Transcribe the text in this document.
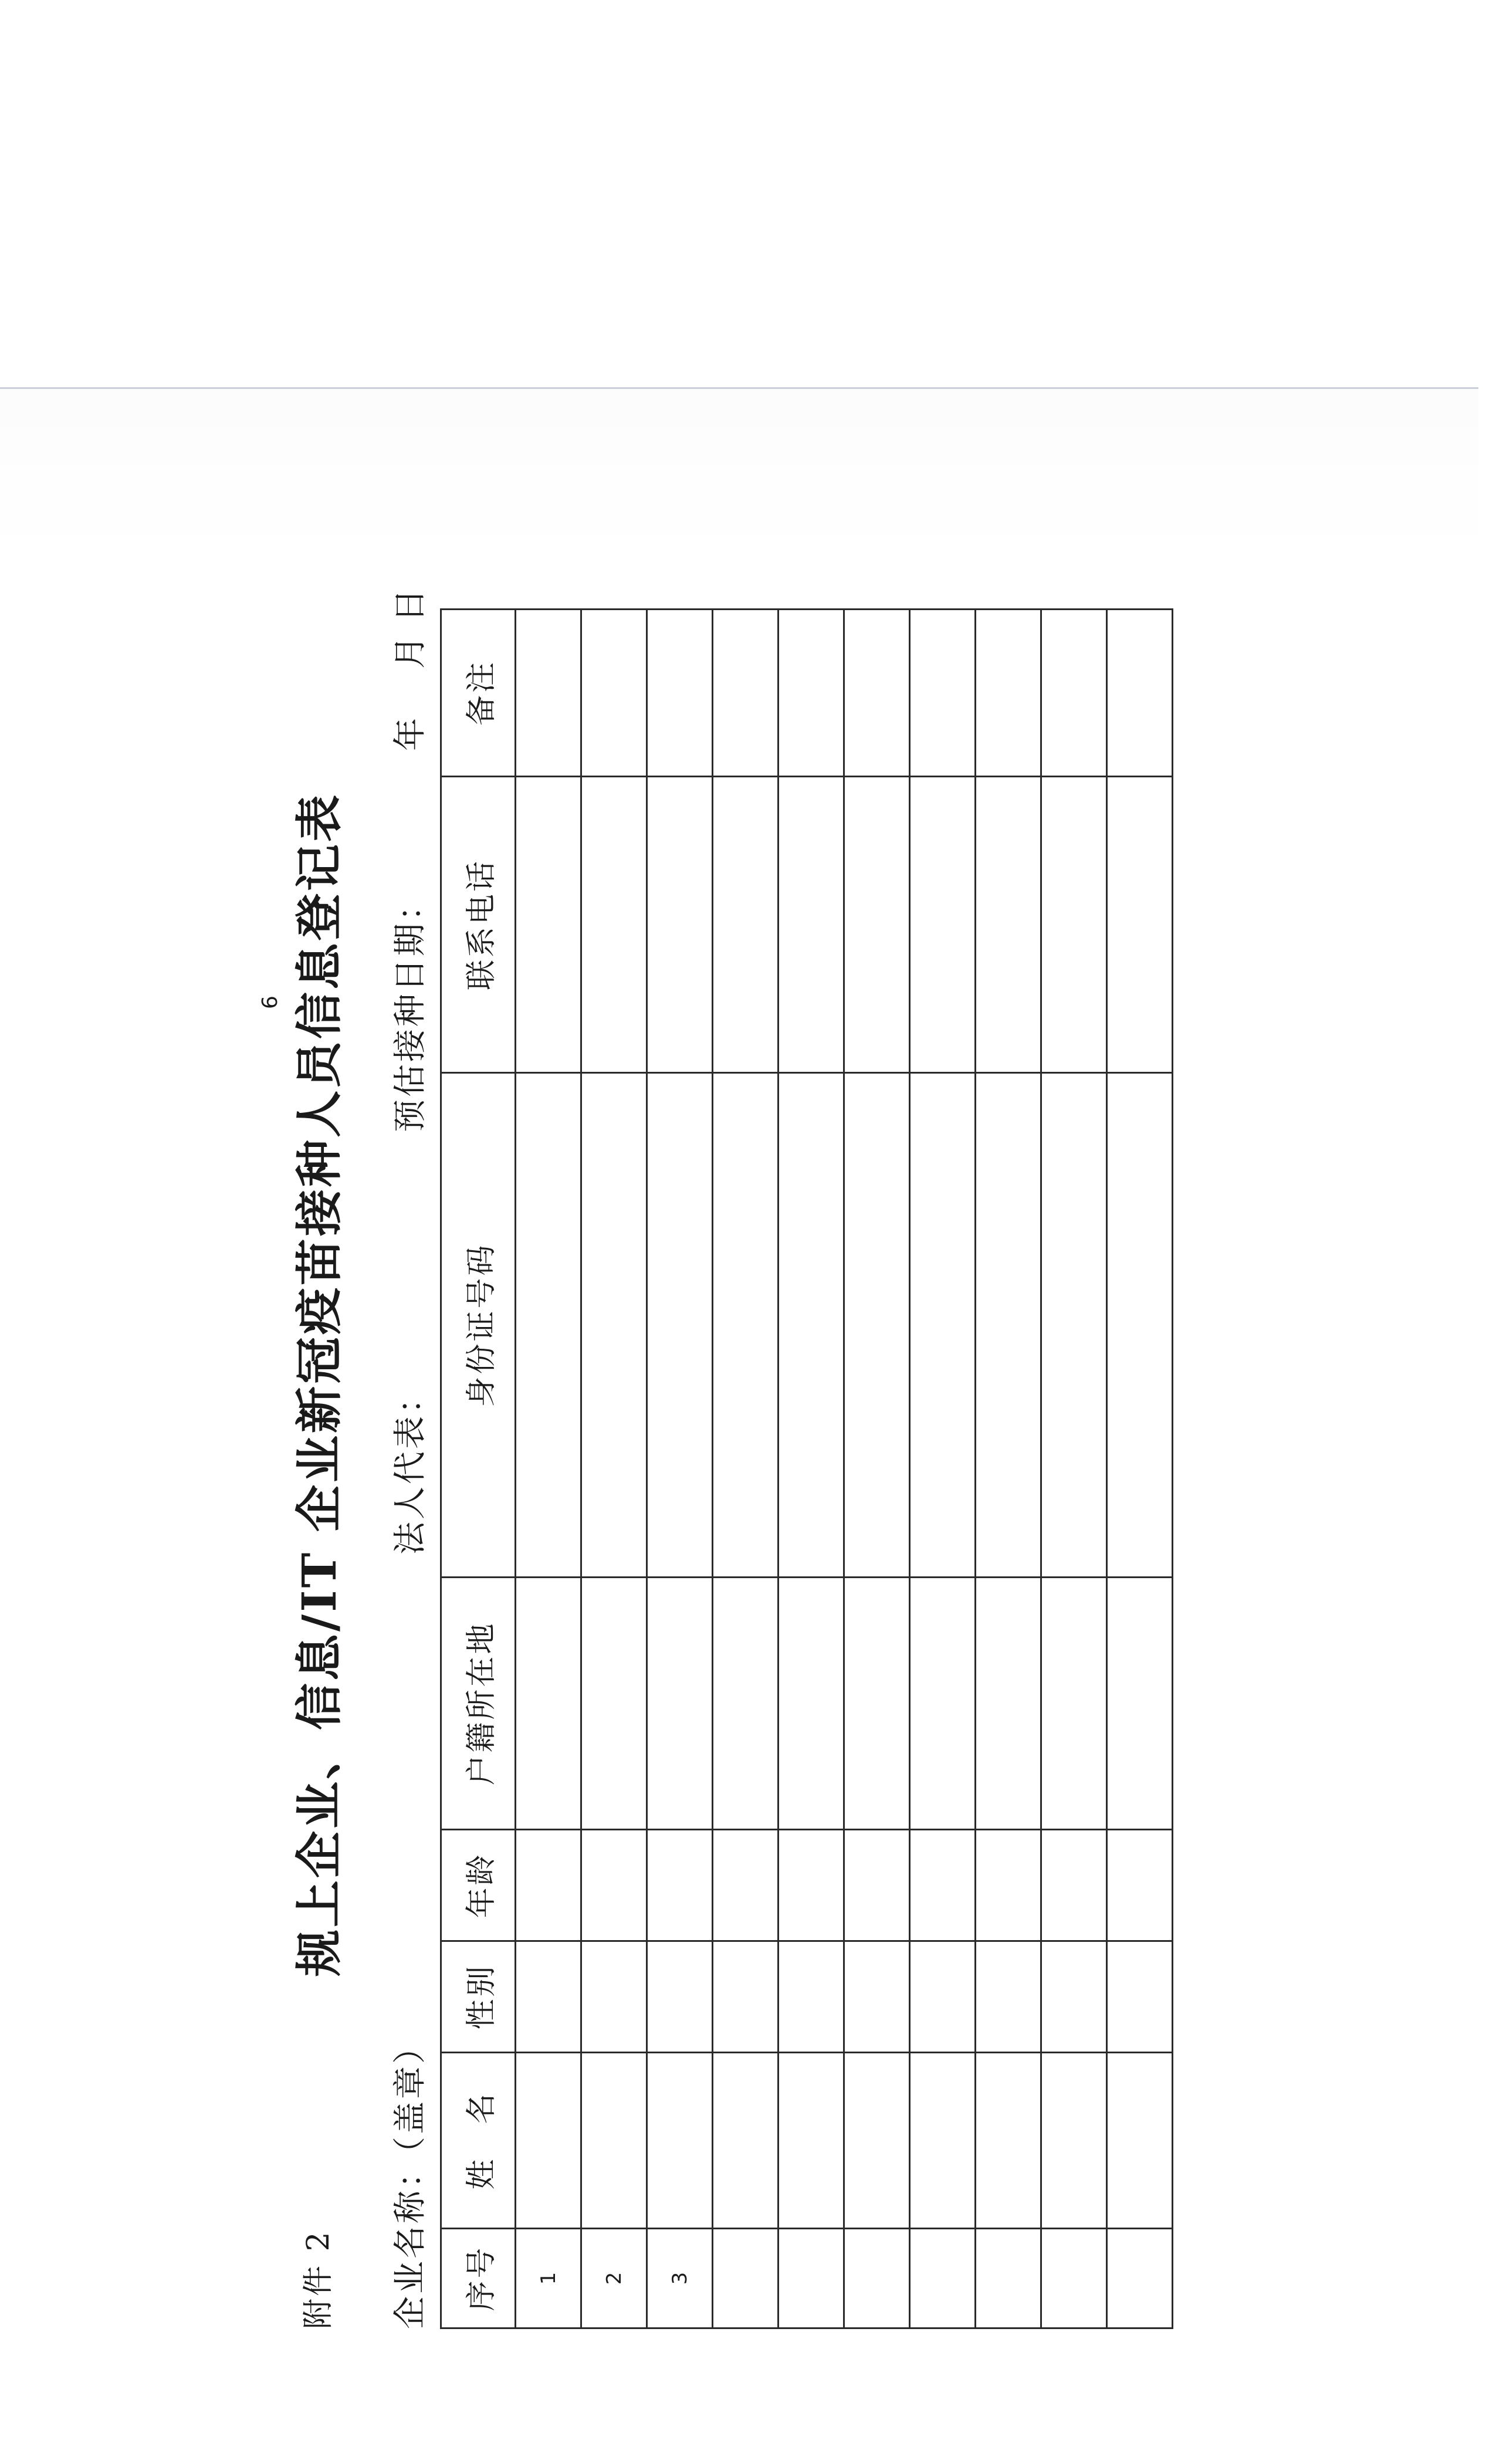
附件 2
规上企业、信息/IT 企业新冠疫苗接种人员信息登记表
企业名称：（盖章）
法人代表：
预估接种日期：
年
月
日
序号	姓　名	性别	年龄	户籍所在地	身份证号码	联系电话	备注
1							
2							
3							

6
